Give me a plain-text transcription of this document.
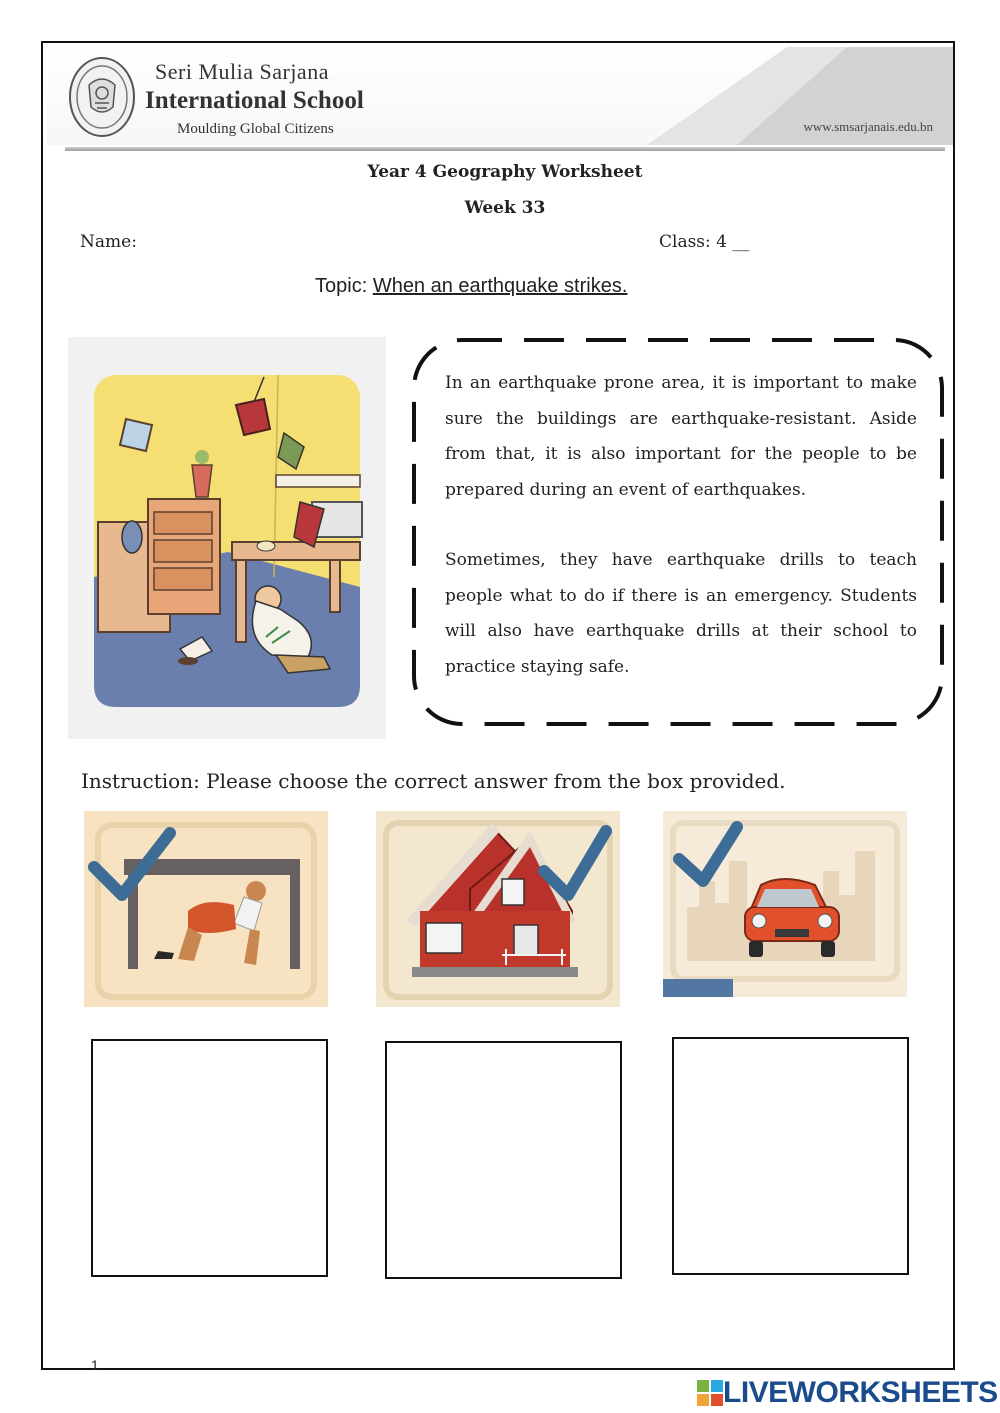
Seri Mulia Sarjana
International School
Moulding Global Citizens	www.smsarjanais.edu.bn
Year 4 Geography Worksheet
Week 33
Name:	Class: 4 __
Topic: When an earthquake strikes.
In an earthquake prone area, it is important to make sure the buildings are earthquake-resistant. Aside from that, it is also important for the people to be prepared during an event of earthquakes.
Sometimes, they have earthquake drills to teach people what to do if there is an emergency. Students will also have earthquake drills at their school to practice staying safe.
Instruction: Please choose the correct answer from the box provided.
1
LIVEWORKSHEETS
